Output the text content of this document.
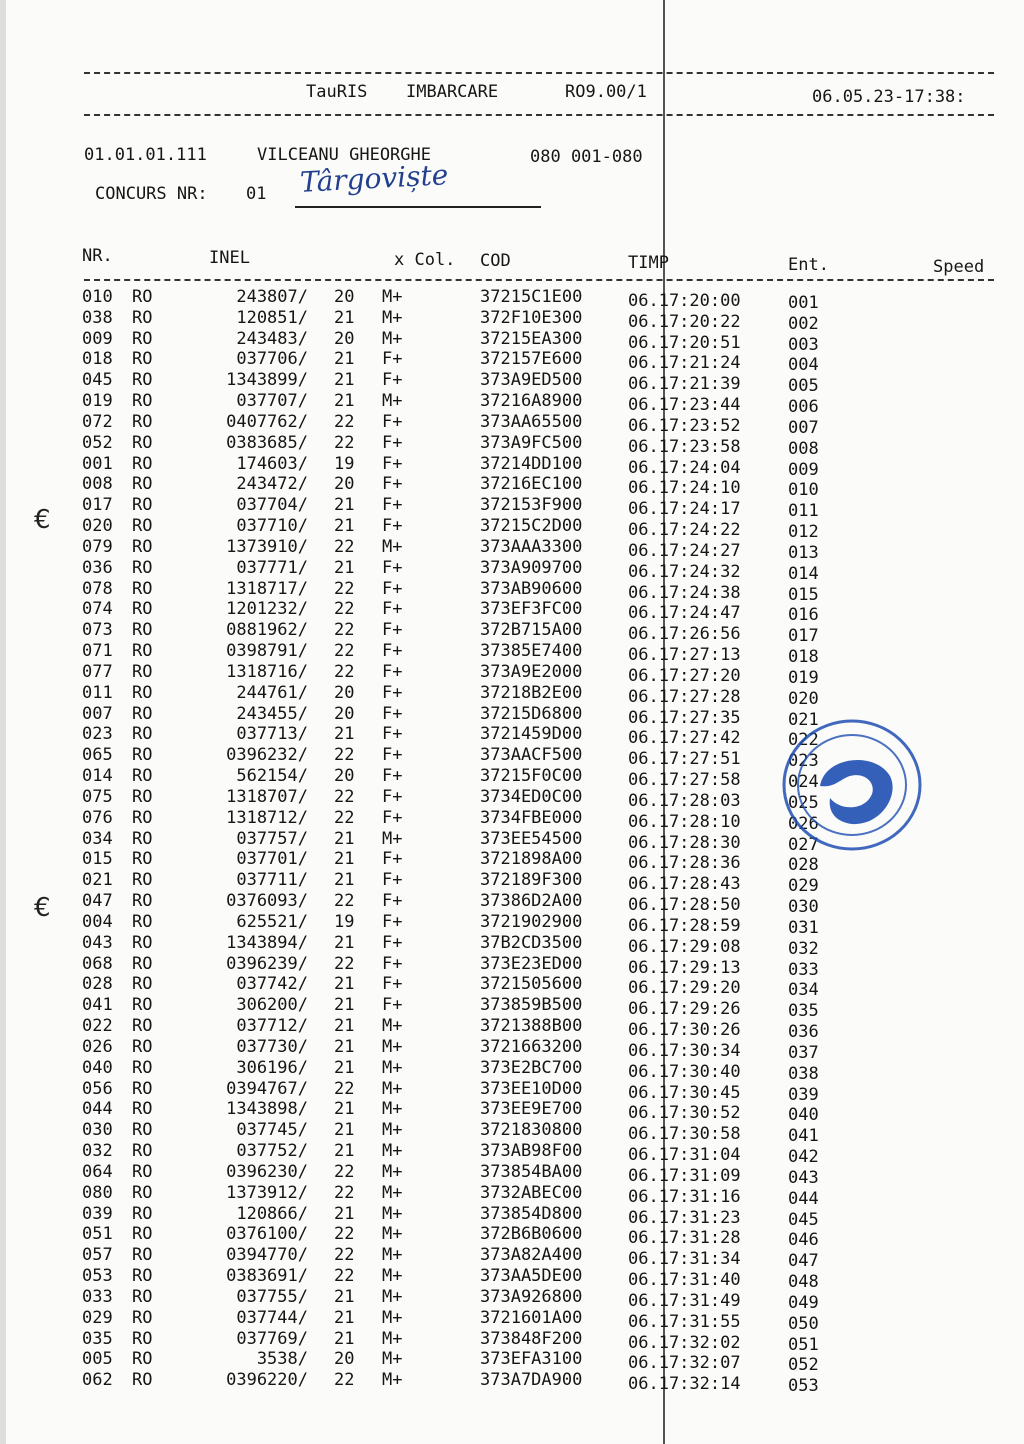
TauRIS IMBARCARE	RO9.00/1	06.05.23-17:38:
01.01.01.111	VILCEANU GHEORGHE	080 001-080
CONCURS NR: 01 Târgoviște
NR.	INEL	x Col. COD	TIMP	Ent.	Speed
010 RO	243807/ 20 M+	37215C1E00	06.17:20:00	001
038 RO	120851/ 21 M+	372F10E300	06.17:20:22	002
009 RO	243483/ 20 M+	37215EA300	06.17:20:51	003
018 RO	037706/ 21 F+	372157E600	06.17:21:24	004
045 RO	1343899/ 21 F+	373A9ED500	06.17:21:39	005
019 RO	037707/ 21 M+	37216A8900	06.17:23:44	006
072 RO	0407762/ 22 F+	373AA65500	06.17:23:52	007
052 RO	0383685/ 22 F+	373A9FC500	06.17:23:58	008
001 RO	174603/ 19 F+	37214DD100	06.17:24:04	009
008 RO	243472/ 20 F+	37216EC100	06.17:24:10	010
017 RO	037704/ 21 F+	372153F900	06.17:24:17	011
020 RO	037710/ 21 F+	37215C2D00	06.17:24:22	012
079 RO	1373910/ 22 M+	373AAA3300	06.17:24:27	013
036 RO	037771/ 21 F+	373A909700	06.17:24:32	014
078 RO	1318717/ 22 F+	373AB90600	06.17:24:38	015
074 RO	1201232/ 22 F+	373EF3FC00	06.17:24:47	016
073 RO	0881962/ 22 F+	372B715A00	06.17:26:56	017
071 RO	0398791/ 22 F+	37385E7400	06.17:27:13	018
077 RO	1318716/ 22 F+	373A9E2000	06.17:27:20	019
011 RO	244761/ 20 F+	37218B2E00	06.17:27:28	020
007 RO	243455/ 20 F+	37215D6800	06.17:27:35	021
023 RO	037713/ 21 F+	3721459D00	06.17:27:42	022
065 RO	0396232/ 22 F+	373AACF500	06.17:27:51	023
014 RO	562154/ 20 F+	37215F0C00	06.17:27:58	024
075 RO	1318707/ 22 F+	3734ED0C00	06.17:28:03	025
076 RO	1318712/ 22 F+	3734FBE000	06.17:28:10	026
034 RO	037757/ 21 M+	373EE54500	06.17:28:30	027
015 RO	037701/ 21 F+	3721898A00	06.17:28:36	028
021 RO	037711/ 21 F+	372189F300	06.17:28:43	029
047 RO	0376093/ 22 F+	37386D2A00	06.17:28:50	030
004 RO	625521/ 19 F+	3721902900	06.17:28:59	031
043 RO	1343894/ 21 F+	37B2CD3500	06.17:29:08	032
068 RO	0396239/ 22 F+	373E23ED00	06.17:29:13	033
028 RO	037742/ 21 F+	3721505600	06.17:29:20	034
041 RO	306200/ 21 F+	373859B500	06.17:29:26	035
022 RO	037712/ 21 M+	3721388B00	06.17:30:26	036
026 RO	037730/ 21 M+	3721663200	06.17:30:34	037
040 RO	306196/ 21 M+	373E2BC700	06.17:30:40	038
056 RO	0394767/ 22 M+	373EE10D00	06.17:30:45	039
044 RO	1343898/ 21 M+	373EE9E700	06.17:30:52	040
030 RO	037745/ 21 M+	3721830800	06.17:30:58	041
032 RO	037752/ 21 M+	373AB98F00	06.17:31:04	042
064 RO	0396230/ 22 M+	373854BA00	06.17:31:09	043
080 RO	1373912/ 22 M+	3732ABEC00	06.17:31:16	044
039 RO	120866/ 21 M+	373854D800	06.17:31:23	045
051 RO	0376100/ 22 M+	372B6B0600	06.17:31:28	046
057 RO	0394770/ 22 M+	373A82A400	06.17:31:34	047
053 RO	0383691/ 22 M+	373AA5DE00	06.17:31:40	048
033 RO	037755/ 21 M+	373A926800	06.17:31:49	049
029 RO	037744/ 21 M+	3721601A00	06.17:31:55	050
035 RO	037769/ 21 M+	373848F200	06.17:32:02	051
005 RO	3538/ 20 M+	373EFA3100	06.17:32:07	052
062 RO	0396220/ 22 M+	373A7DA900	06.17:32:14	053
€
€
